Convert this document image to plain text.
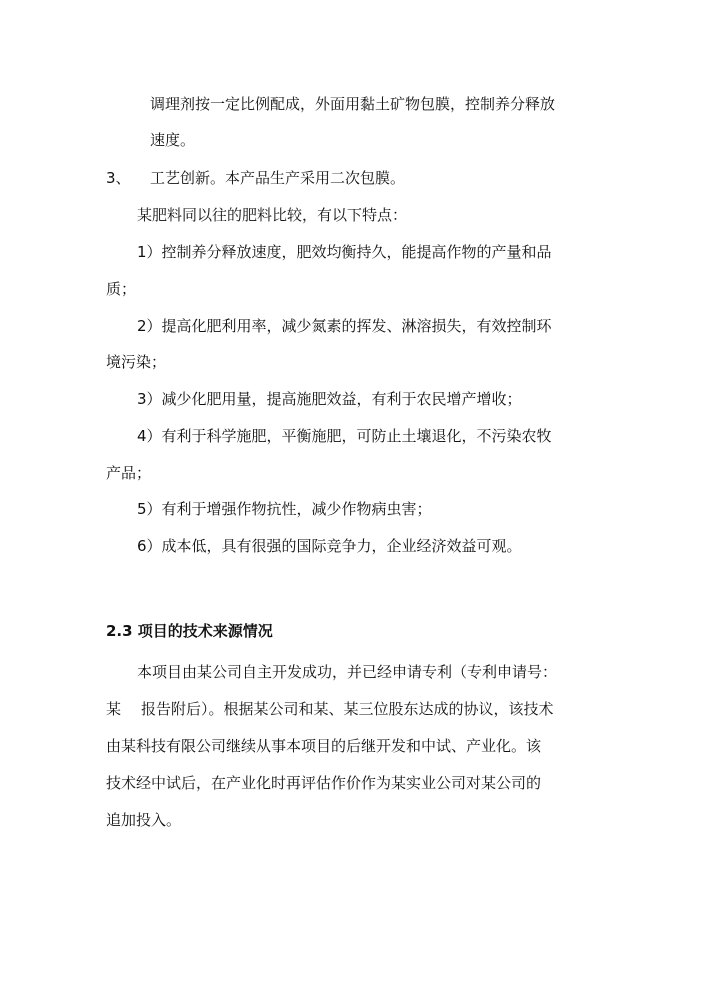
调理剂按一定比例配成，外面用黏土矿物包膜，控制养分释放
速度。
3、 工艺创新。本产品生产采用二次包膜。
某肥料同以往的肥料比较，有以下特点：
1）控制养分释放速度，肥效均衡持久，能提高作物的产量和品
质；
2）提高化肥利用率，减少氮素的挥发、淋溶损失，有效控制环
境污染；
3）减少化肥用量，提高施肥效益，有利于农民增产增收；
4）有利于科学施肥，平衡施肥，可防止土壤退化，不污染农牧
产品；
5）有利于增强作物抗性，减少作物病虫害；
6）成本低，具有很强的国际竞争力，企业经济效益可观。
2.3 项目的技术来源情况
本项目由某公司自主开发成功，并已经申请专利（专利申请号：
某 报告附后）。根据某公司和某、某三位股东达成的协议，该技术
由某科技有限公司继续从事本项目的后继开发和中试、产业化。该
技术经中试后，在产业化时再评估作价作为某实业公司对某公司的
追加投入。
